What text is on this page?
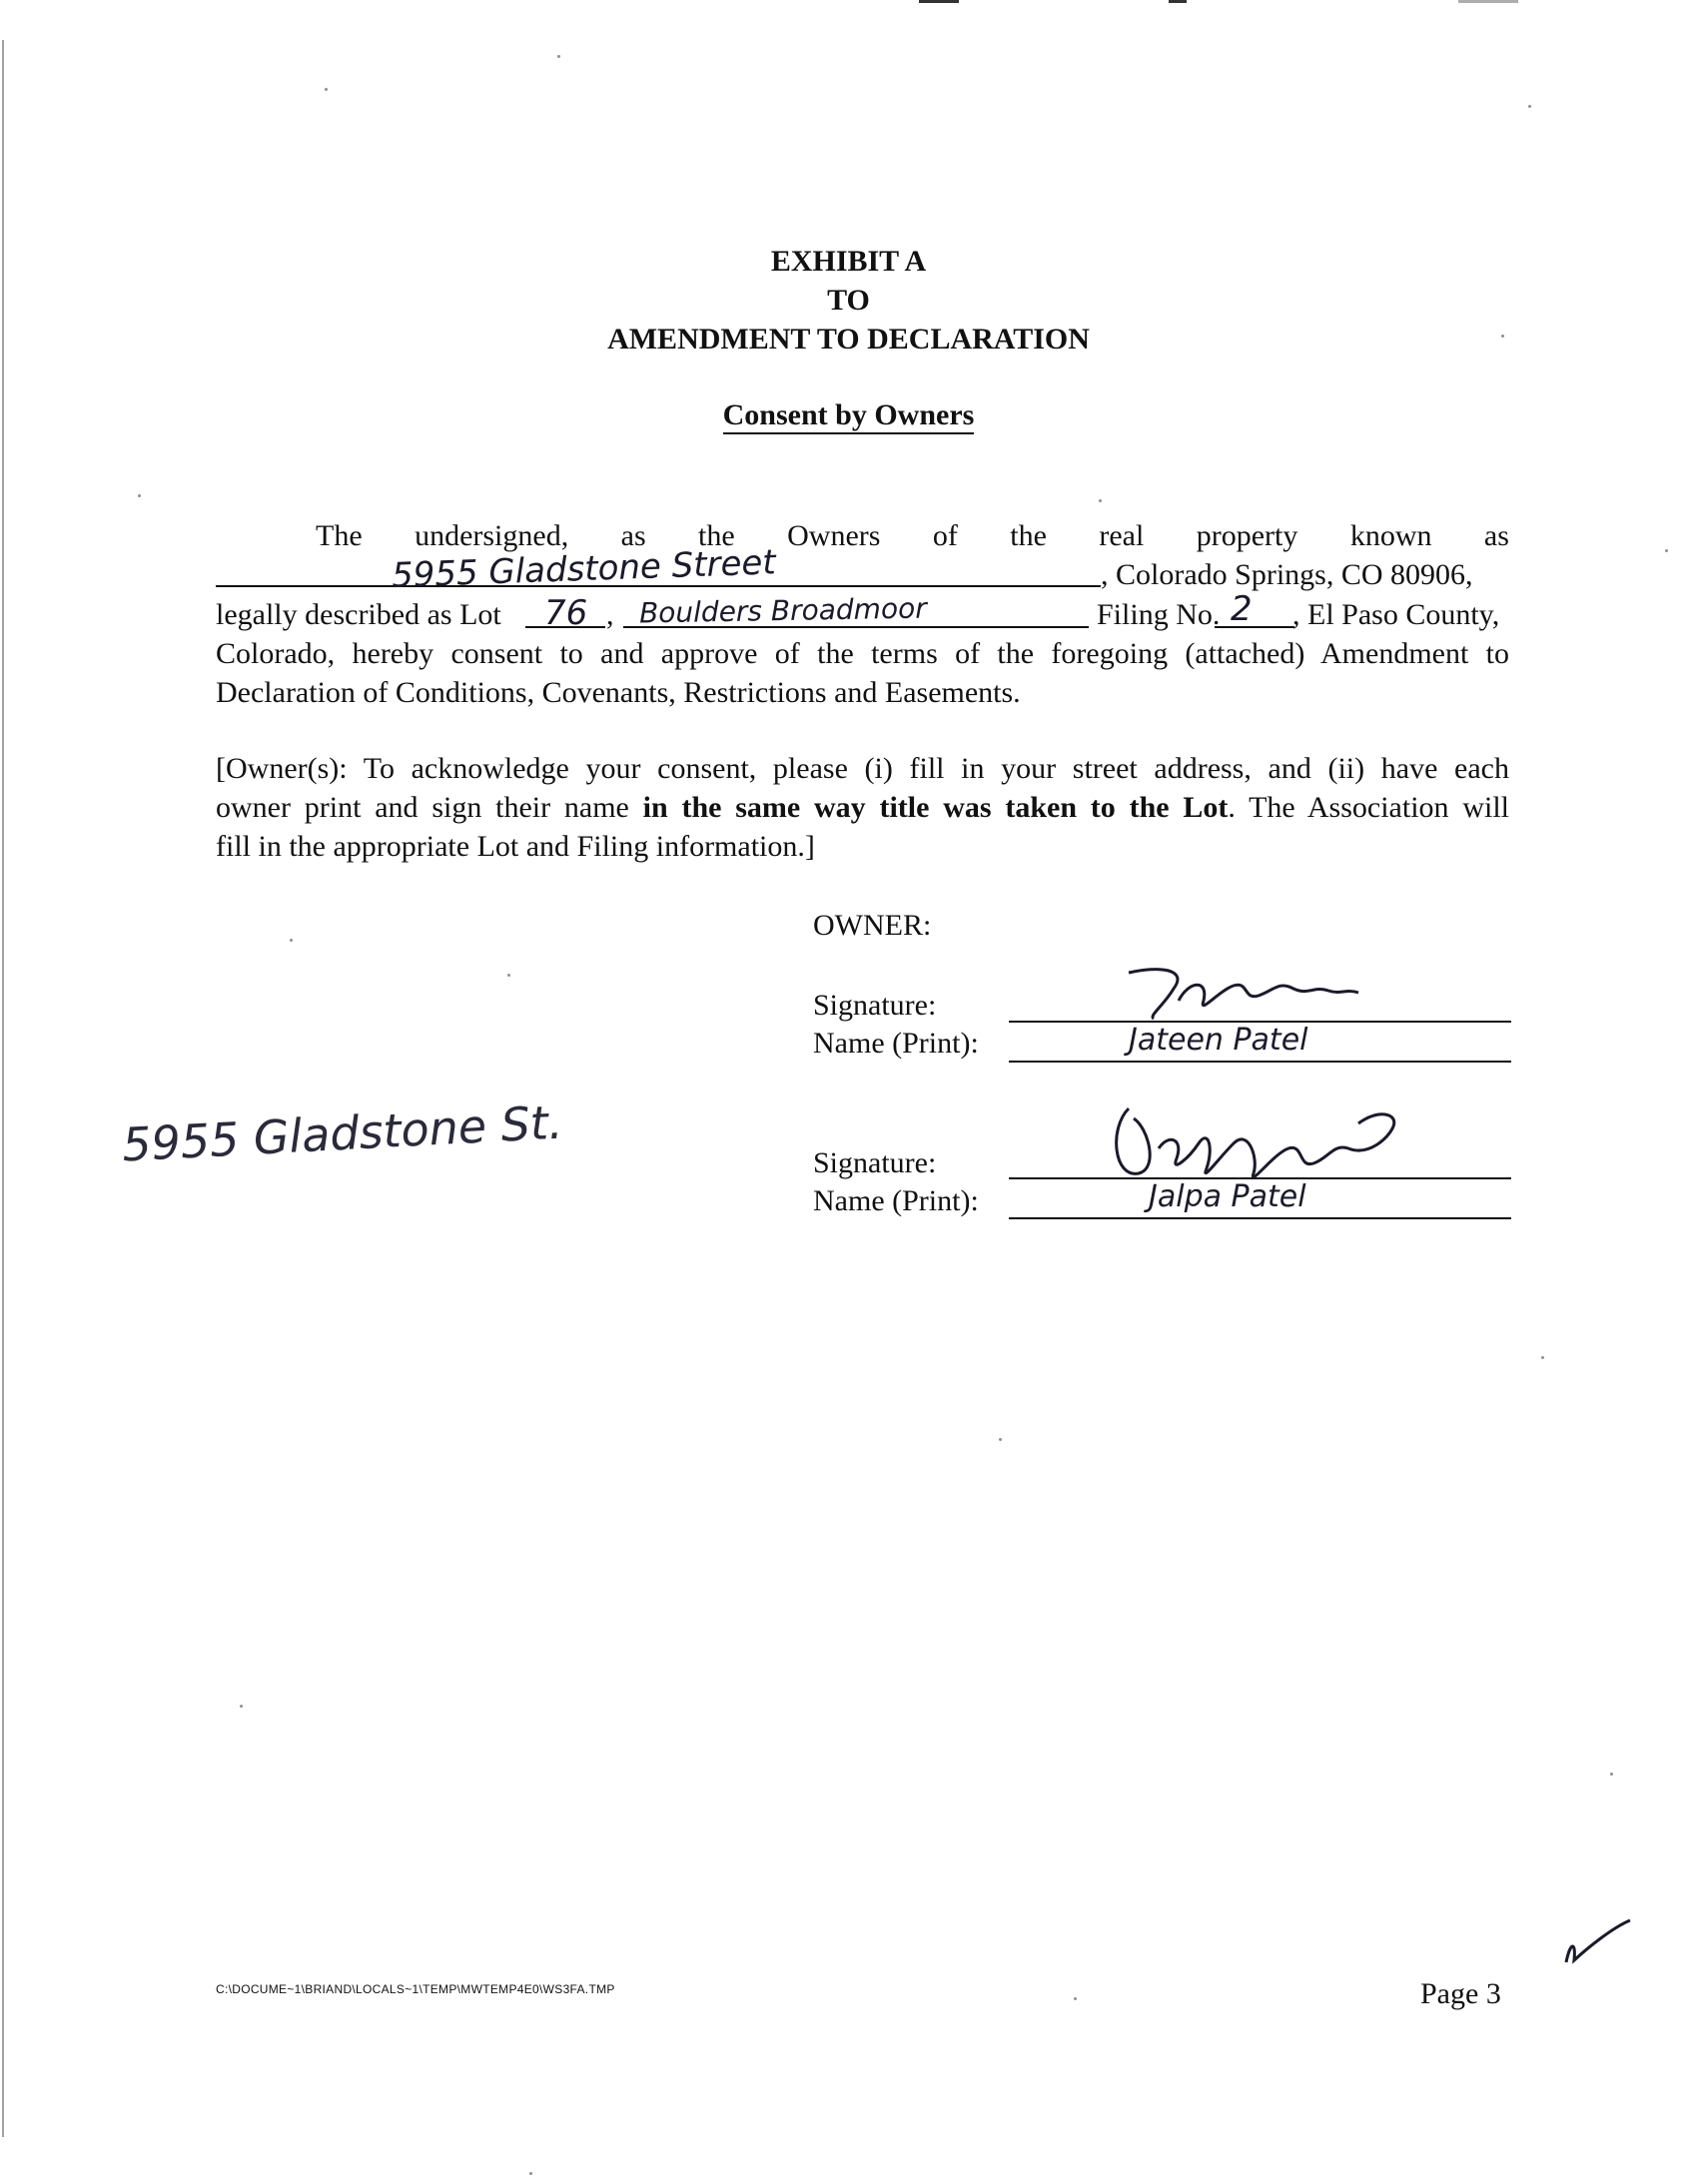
EXHIBIT A
TO
AMENDMENT TO DECLARATION
Consent by Owners
The undersigned, as the Owners of the real property known as
5955 Gladstone Street	, Colorado Springs, CO 80906,
legally described as Lot 76 , Boulders Broadmoor	Filing No. 2 , El Paso County,
Colorado, hereby consent to and approve of the terms of the foregoing (attached) Amendment to
Declaration of Conditions, Covenants, Restrictions and Easements.
[Owner(s): To acknowledge your consent, please (i) fill in your street address, and (ii) have each
owner print and sign their name in the same way title was taken to the Lot. The Association will
fill in the appropriate Lot and Filing information.]
OWNER:
Signature:
Name (Print):	Jateen Patel
Signature:
Name (Print):	Jalpa Patel
5955 Gladstone St.
C:\DOCUME~1\BRIAND\LOCALS~1\TEMP\MWTEMP4E0\WS3FA.TMP	Page 3
